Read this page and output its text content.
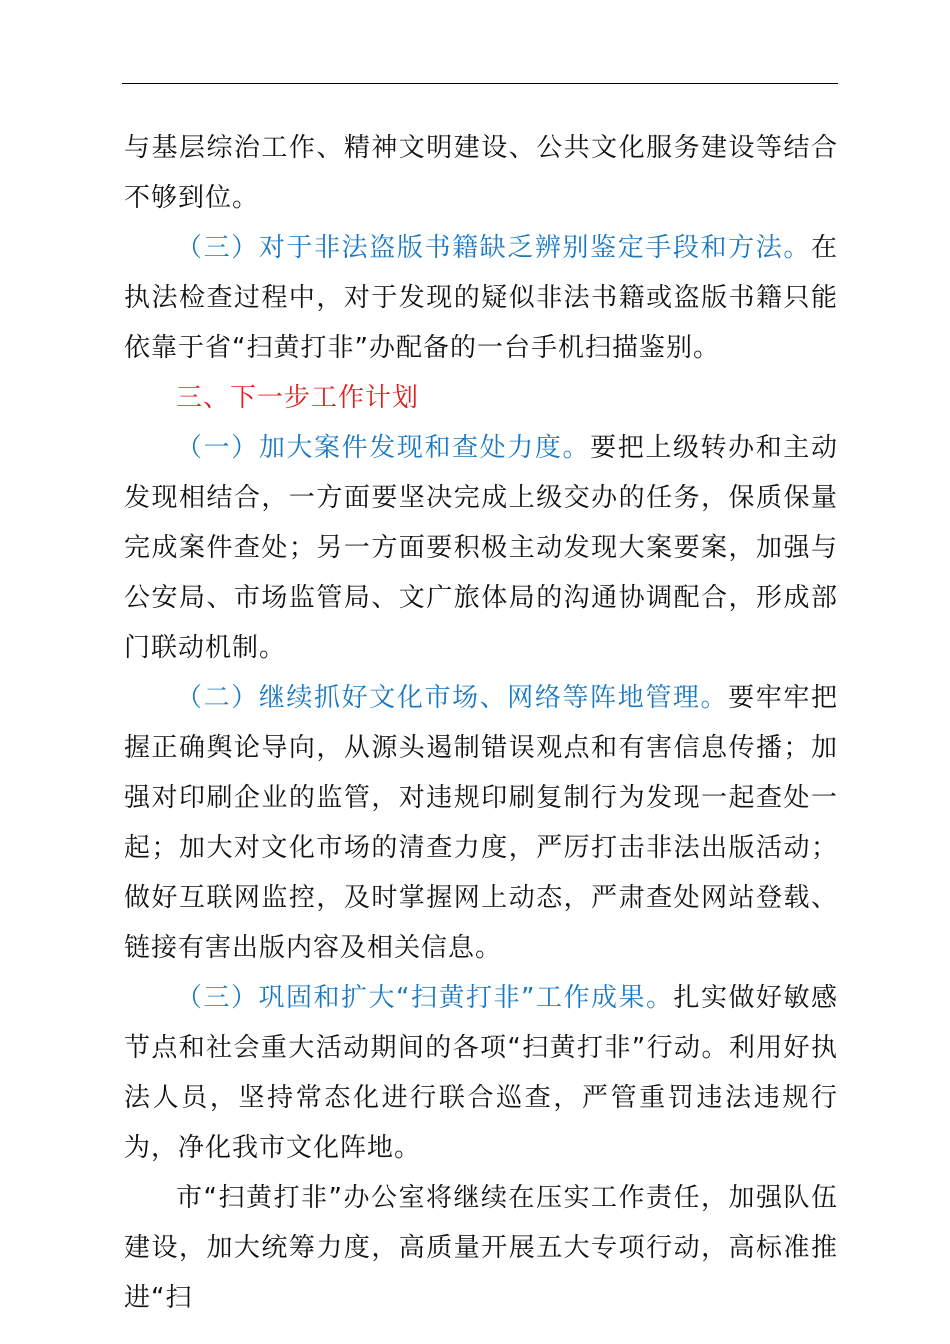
与基层综治工作、精神文明建设、公共文化服务建设等结合不够到位。

（三）对于非法盗版书籍缺乏辨别鉴定手段和方法。在执法检查过程中，对于发现的疑似非法书籍或盗版书籍只能依靠于省“扫黄打非”办配备的一台手机扫描鉴别。

三、下一步工作计划

（一）加大案件发现和查处力度。要把上级转办和主动发现相结合，一方面要坚决完成上级交办的任务，保质保量完成案件查处；另一方面要积极主动发现大案要案，加强与公安局、市场监管局、文广旅体局的沟通协调配合，形成部门联动机制。

（二）继续抓好文化市场、网络等阵地管理。要牢牢把握正确舆论导向，从源头遏制错误观点和有害信息传播；加强对印刷企业的监管，对违规印刷复制行为发现一起查处一起；加大对文化市场的清查力度，严厉打击非法出版活动；做好互联网监控，及时掌握网上动态，严肃查处网站登载、链接有害出版内容及相关信息。

（三）巩固和扩大“扫黄打非”工作成果。扎实做好敏感节点和社会重大活动期间的各项“扫黄打非”行动。利用好执法人员，坚持常态化进行联合巡查，严管重罚违法违规行为，净化我市文化阵地。

市“扫黄打非”办公室将继续在压实工作责任，加强队伍建设，加大统筹力度，高质量开展五大专项行动，高标准推进“扫
